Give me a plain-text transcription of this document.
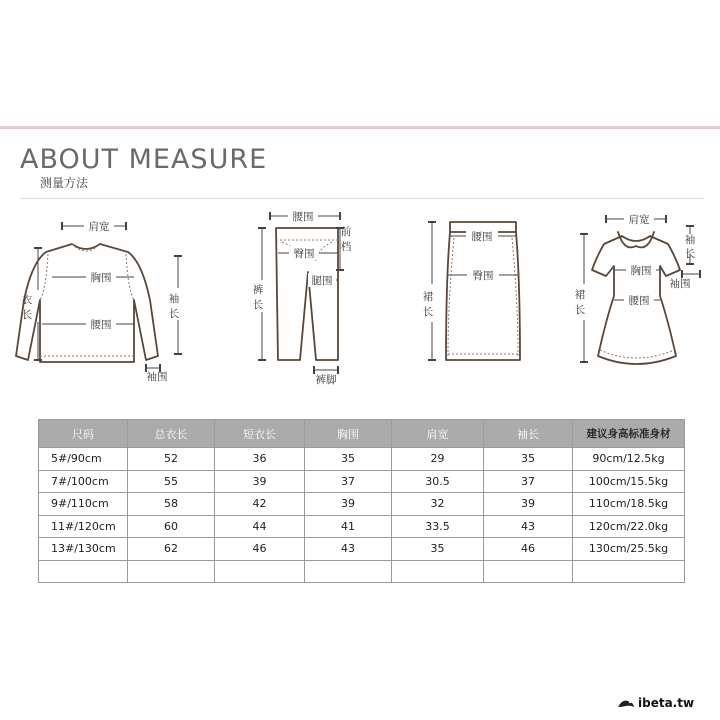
ABOUT MEASURE

测量方法

肩宽
胸围
腰围
衣
长
袖
长
袖围
腰围
臀围
腿围
前
档
裤
长
裤脚
腰围
臀围
裙
长
肩宽
胸围
腰围
袖
长
袖围
裙
长
尺码	总衣长	短衣长	胸围	肩宽	袖长	建议身高标准身材
5#/90cm	52	36	35	29	35	90cm/12.5kg
7#/100cm	55	39	37	30.5	37	100cm/15.5kg
9#/110cm	58	42	39	32	39	110cm/18.5kg
11#/120cm	60	44	41	33.5	43	120cm/22.0kg
13#/130cm	62	46	43	35	46	130cm/25.5kg

ibeta.tw
